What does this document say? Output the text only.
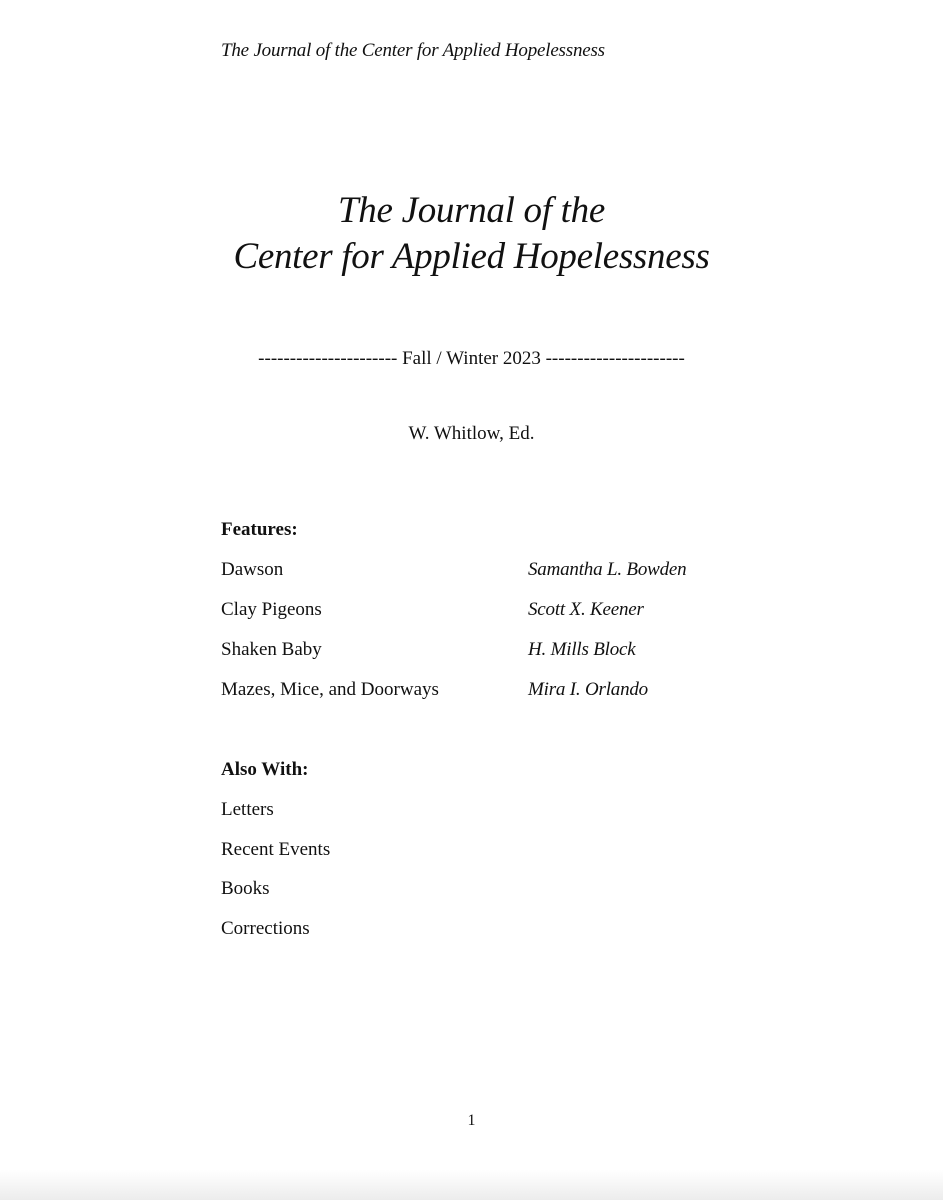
The Journal of the Center for Applied Hopelessness
The Journal of the
Center for Applied Hopelessness
---------------------- Fall / Winter 2023 ----------------------
W. Whitlow, Ed.
Features:
Dawson	Samantha L. Bowden
Clay Pigeons	Scott X. Keener
Shaken Baby	H. Mills Block
Mazes, Mice, and Doorways	Mira I. Orlando
Also With:
Letters
Recent Events
Books
Corrections
1
